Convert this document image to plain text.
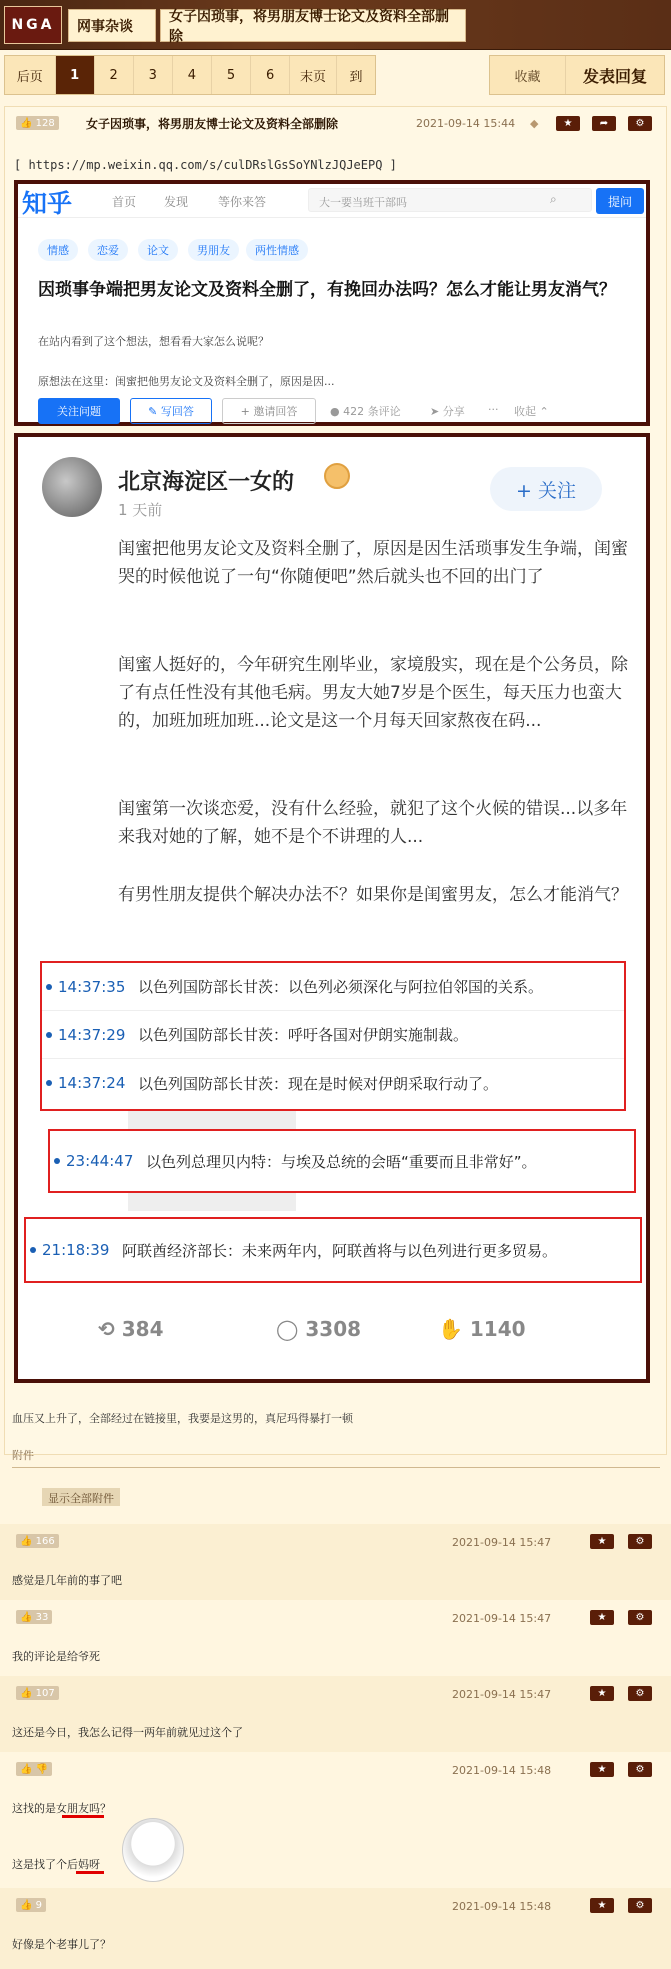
NGA	网事杂谈
女子因琐事，将男朋友博士论文及资料全部删除
后页	1	2	3	4	5	6	末页	到	收藏	发表回复
👍 128	女子因琐事，将男朋友博士论文及资料全部删除	2021-09-14 15:44 ◆	★	➦	⚙
[ https://mp.weixin.qq.com/s/culDRslGsSoYNlzJQJeEPQ ]
知乎	首页 发现 等你来答	大一要当班干部吗	⌕	提问
情感	恋爱	论文	男朋友	两性情感
因琐事争端把男友论文及资料全删了，有挽回办法吗？怎么才能让男友消气？
在站内看到了这个想法，想看看大家怎么说呢？
原想法在这里：闺蜜把他男友论文及资料全删了，原因是因...
关注问题	✎ 写回答	+ 邀请回答	● 422 条评论	➤ 分享 ··· 收起 ⌃
北京海淀区一女的
1 天前
+ 关注
闺蜜把他男友论文及资料全删了，原因是因生活琐事发生争端，闺蜜哭的时候他说了一句“你随便吧”然后就头也不回的出门了
闺蜜人挺好的，今年研究生刚毕业，家境殷实，现在是个公务员，除了有点任性没有其他毛病。男友大她7岁是个医生，每天压力也蛮大的，加班加班加班...论文是这一个月每天回家熬夜在码...
闺蜜第一次谈恋爱，没有什么经验，就犯了这个火候的错误...以多年来我对她的了解，她不是个不讲理的人...
有男性朋友提供个解决办法不？如果你是闺蜜男友，怎么才能消气？
14:37:35 以色列国防部长甘茨：以色列必须深化与阿拉伯邻国的关系。
14:37:29 以色列国防部长甘茨：呼吁各国对伊朗实施制裁。
14:37:24 以色列国防部长甘茨：现在是时候对伊朗采取行动了。
23:44:47 以色列总理贝内特：与埃及总统的会晤“重要而且非常好”。
21:18:39 阿联酋经济部长：未来两年内，阿联酋将与以色列进行更多贸易。
⟲ 384	◯ 3308	✋ 1140
血压又上升了，全部经过在链接里，我要是这男的，真尼玛得暴打一顿
附件
显示全部附件
👍 166	2021-09-14 15:47	★	⚙
感觉是几年前的事了吧
👍 33	2021-09-14 15:47	★	⚙
我的评论是给爷死
👍 107	2021-09-14 15:47	★	⚙
这还是今日，我怎么记得一两年前就见过这个了
👍 👎	2021-09-14 15:48	★	⚙
这找的是女朋友吗？
这是找了个后妈呀
👍 9	2021-09-14 15:48	★	⚙
好像是个老事儿了？
